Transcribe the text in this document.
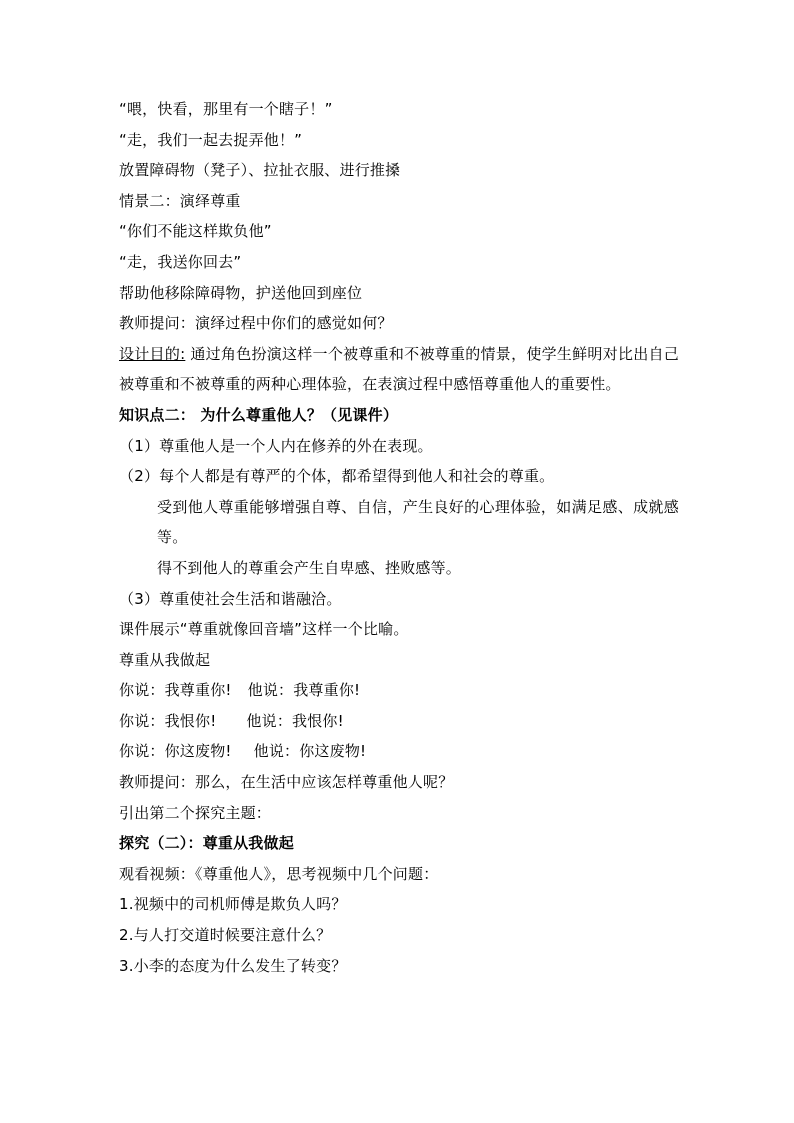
“喂，快看，那里有一个瞎子！”
“走，我们一起去捉弄他！”
放置障碍物（凳子）、拉扯衣服、进行推搡
情景二：演绎尊重
“你们不能这样欺负他”
“走，我送你回去”
帮助他移除障碍物，护送他回到座位
教师提问：演绎过程中你们的感觉如何？
设计目的: 通过角色扮演这样一个被尊重和不被尊重的情景，使学生鲜明对比出自己被尊重和不被尊重的两种心理体验，在表演过程中感悟尊重他人的重要性。
知识点二： 为什么尊重他人？（见课件）
（1）尊重他人是一个人内在修养的外在表现。
（2）每个人都是有尊严的个体，都希望得到他人和社会的尊重。
受到他人尊重能够增强自尊、自信，产生良好的心理体验，如满足感、成就感等。
得不到他人的尊重会产生自卑感、挫败感等。
（3）尊重使社会生活和谐融洽。
课件展示“尊重就像回音墙”这样一个比喻。
尊重从我做起
你说：我尊重你! 他说：我尊重你!
你说：我恨你! 他说：我恨你!
你说：你这废物! 他说：你这废物!
教师提问：那么，在生活中应该怎样尊重他人呢？
引出第二个探究主题：
探究（二）：尊重从我做起
观看视频：《尊重他人》，思考视频中几个问题：
1.视频中的司机师傅是欺负人吗？
2.与人打交道时候要注意什么？
3.小李的态度为什么发生了转变？
